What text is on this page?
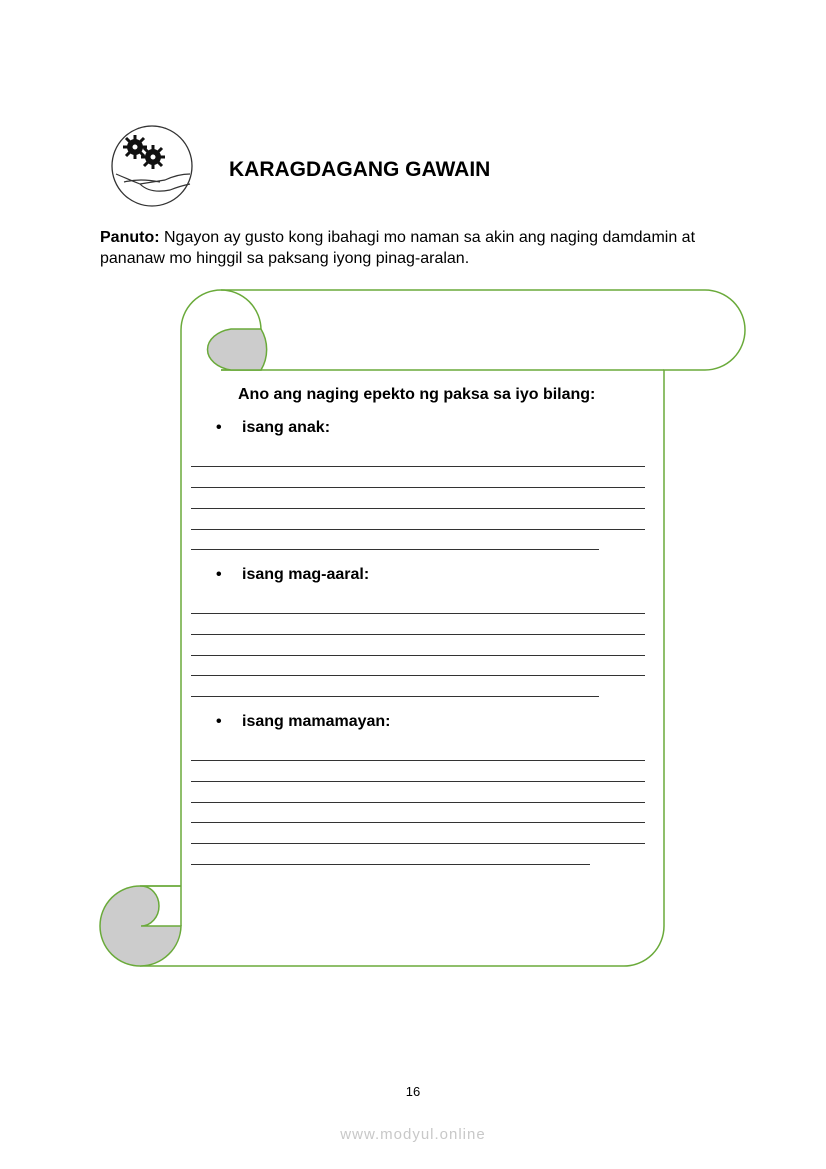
KARAGDAGANG GAWAIN
Panuto: Ngayon ay gusto kong ibahagi mo naman sa akin ang naging damdamin at pananaw mo hinggil sa paksang iyong pinag-aralan.
Ano ang naging epekto ng paksa sa iyo bilang:
• isang anak:
• isang mag-aaral:
• isang mamamayan:
16
www.modyul.online
